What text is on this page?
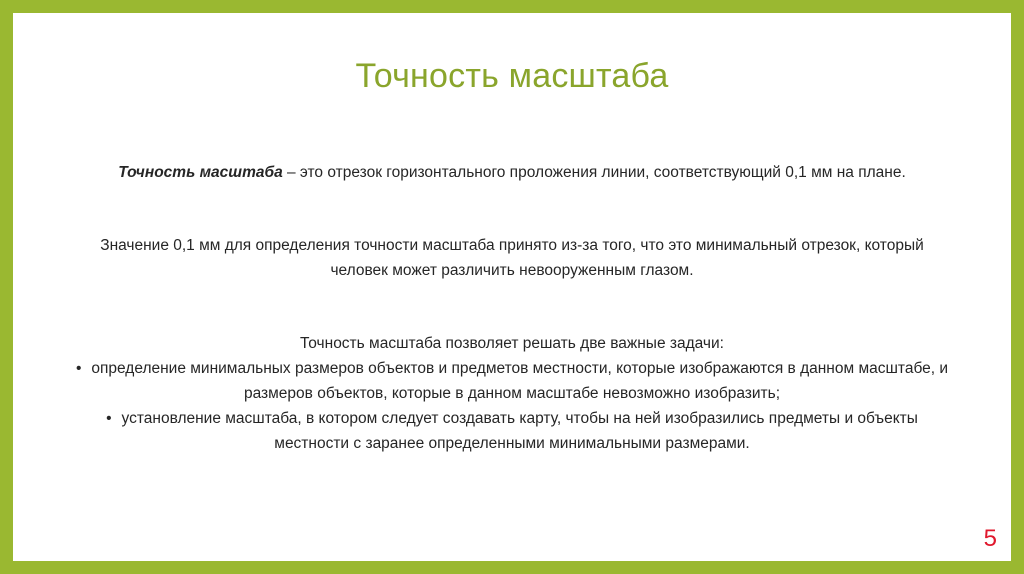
Точность масштаба

Точность масштаба – это отрезок горизонтального проложения линии, соответствующий 0,1 мм на плане.

Значение 0,1 мм для определения точности масштаба принято из-за того, что это минимальный отрезок, который человек может различить невооруженным глазом.

Точность масштаба позволяет решать две важные задачи:

• определение минимальных размеров объектов и предметов местности, которые изображаются в данном масштабе, и размеров объектов, которые в данном масштабе невозможно изобразить;
• установление масштаба, в котором следует создавать карту, чтобы на ней изобразились предметы и объекты местности с заранее определенными минимальными размерами.
5
